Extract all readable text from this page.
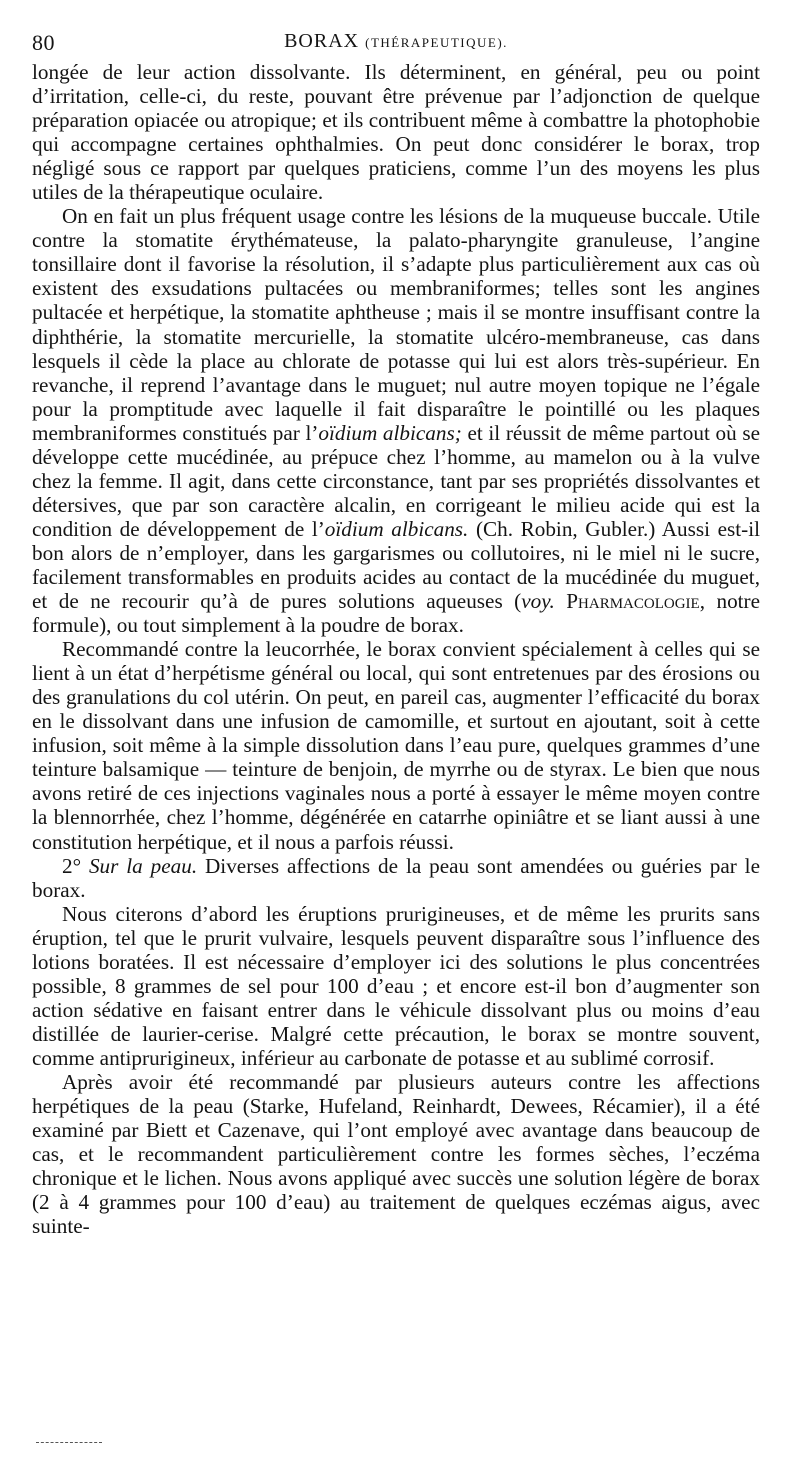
80	BORAX (THÉRAPEUTIQUE).

longée de leur action dissolvante. Ils déterminent, en général, peu ou point d’irritation, celle-ci, du reste, pouvant être prévenue par l’adjonction de quelque préparation opiacée ou atropique; et ils contribuent même à combattre la photophobie qui accompagne certaines ophthalmies. On peut donc considérer le borax, trop négligé sous ce rapport par quelques praticiens, comme l’un des moyens les plus utiles de la thérapeutique oculaire.

On en fait un plus fréquent usage contre les lésions de la muqueuse buccale. Utile contre la stomatite érythémateuse, la palato-pharyngite granuleuse, l’angine tonsillaire dont il favorise la résolution, il s’adapte plus particulièrement aux cas où existent des exsudations pultacées ou membraniformes; telles sont les angines pultacée et herpétique, la stomatite aphtheuse ; mais il se montre insuffisant contre la diphthérie, la stomatite mercurielle, la stomatite ulcéro-membraneuse, cas dans lesquels il cède la place au chlorate de potasse qui lui est alors très-supérieur. En revanche, il reprend l’avantage dans le muguet; nul autre moyen topique ne l’égale pour la promptitude avec laquelle il fait disparaître le pointillé ou les plaques membraniformes constitués par l’oïdium albicans; et il réussit de même partout où se développe cette mucédinée, au prépuce chez l’homme, au mamelon ou à la vulve chez la femme. Il agit, dans cette circonstance, tant par ses propriétés dissolvantes et détersives, que par son caractère alcalin, en corrigeant le milieu acide qui est la condition de développement de l’oïdium albicans. (Ch. Robin, Gubler.) Aussi est-il bon alors de n’employer, dans les gargarismes ou collutoires, ni le miel ni le sucre, facilement transformables en produits acides au contact de la mucédinée du muguet, et de ne recourir qu’à de pures solutions aqueuses (voy. Pharmacologie, notre formule), ou tout simplement à la poudre de borax.

Recommandé contre la leucorrhée, le borax convient spécialement à celles qui se lient à un état d’herpétisme général ou local, qui sont entretenues par des érosions ou des granulations du col utérin. On peut, en pareil cas, augmenter l’efficacité du borax en le dissolvant dans une infusion de camomille, et surtout en ajoutant, soit à cette infusion, soit même à la simple dissolution dans l’eau pure, quelques grammes d’une teinture balsamique — teinture de benjoin, de myrrhe ou de styrax. Le bien que nous avons retiré de ces injections vaginales nous a porté à essayer le même moyen contre la blennorrhée, chez l’homme, dégénérée en catarrhe opiniâtre et se liant aussi à une constitution herpétique, et il nous a parfois réussi.

2° Sur la peau. Diverses affections de la peau sont amendées ou guéries par le borax.

Nous citerons d’abord les éruptions prurigineuses, et de même les prurits sans éruption, tel que le prurit vulvaire, lesquels peuvent disparaître sous l’influence des lotions boratées. Il est nécessaire d’employer ici des solutions le plus concentrées possible, 8 grammes de sel pour 100 d’eau ; et encore est-il bon d’augmenter son action sédative en faisant entrer dans le véhicule dissolvant plus ou moins d’eau distillée de laurier-cerise. Malgré cette précaution, le borax se montre souvent, comme antiprurigineux, inférieur au carbonate de potasse et au sublimé corrosif.

Après avoir été recommandé par plusieurs auteurs contre les affections herpétiques de la peau (Starke, Hufeland, Reinhardt, Dewees, Récamier), il a été examiné par Biett et Cazenave, qui l’ont employé avec avantage dans beaucoup de cas, et le recommandent particulièrement contre les formes sèches, l’eczéma chronique et le lichen. Nous avons appliqué avec succès une solution légère de borax (2 à 4 grammes pour 100 d’eau) au traitement de quelques eczémas aigus, avec suinte-
